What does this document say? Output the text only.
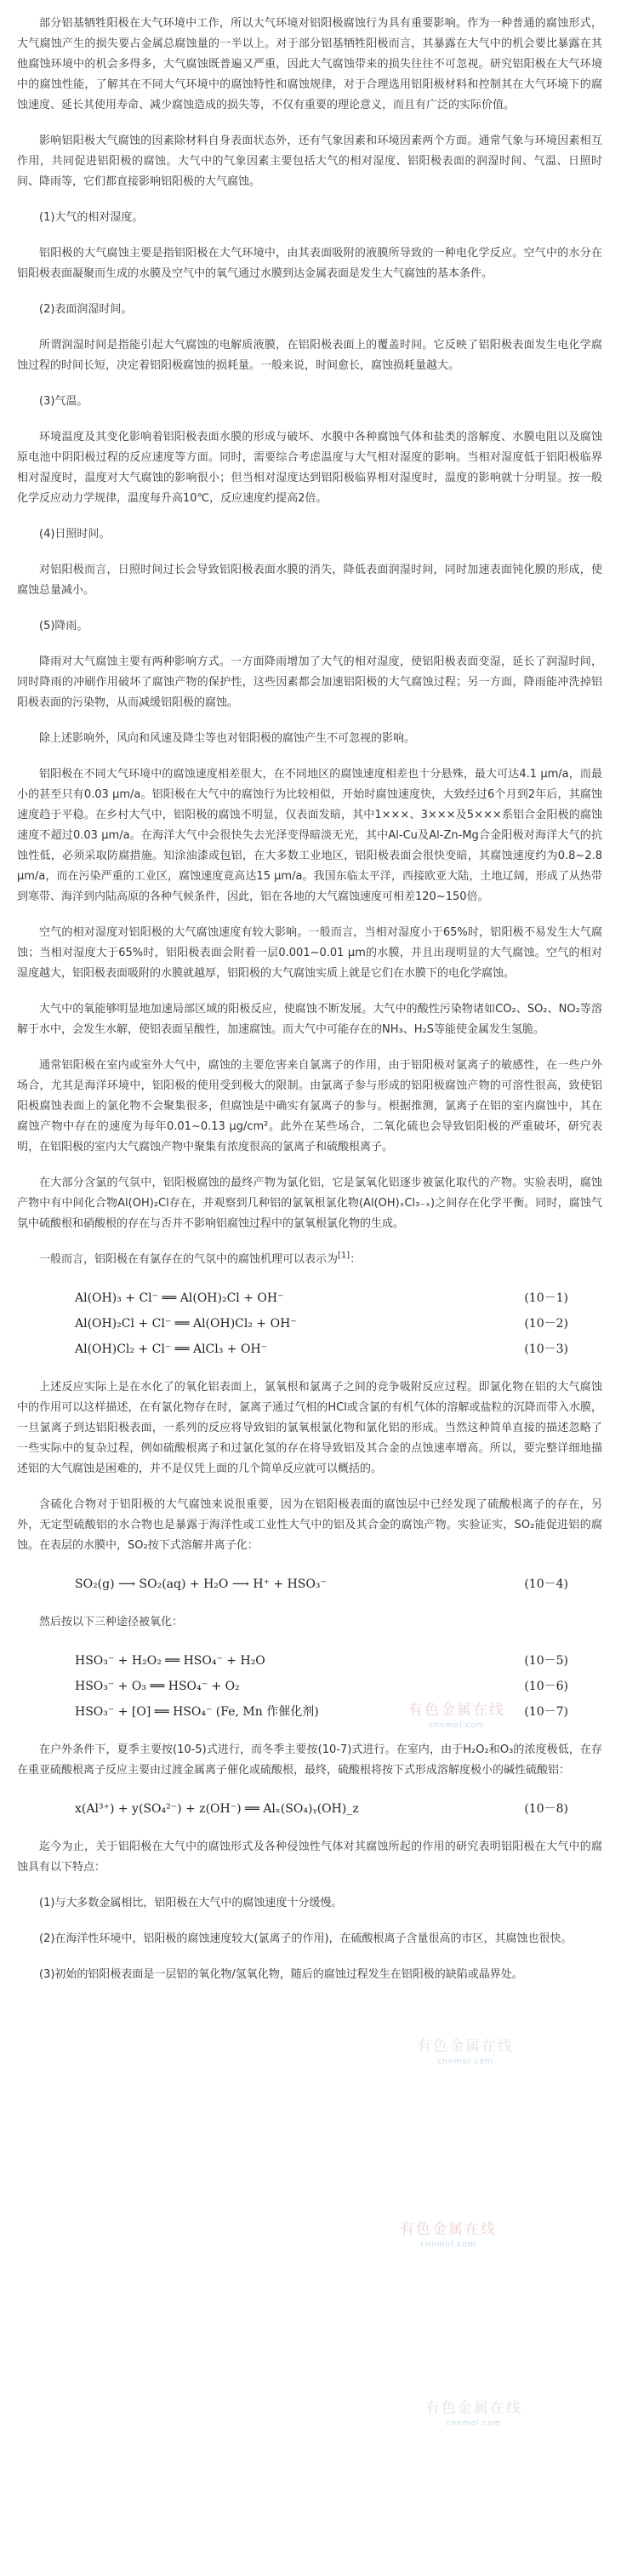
部分铝基牺牲阳极在大气环境中工作，所以大气环境对铝阳极腐蚀行为具有重要影响。作为一种普通的腐蚀形式，大气腐蚀产生的损失要占金属总腐蚀量的一半以上。对于部分铝基牺牲阳极而言，其暴露在大气中的机会要比暴露在其他腐蚀环境中的机会多得多，大气腐蚀既普遍又严重，因此大气腐蚀带来的损失往往不可忽视。研究铝阳极在大气环境中的腐蚀性能，了解其在不同大气环境中的腐蚀特性和腐蚀规律，对于合理选用铝阳极材料和控制其在大气环境下的腐蚀速度、延长其使用寿命、减少腐蚀造成的损失等，不仅有重要的理论意义，而且有广泛的实际价值。

影响铝阳极大气腐蚀的因素除材料自身表面状态外，还有气象因素和环境因素两个方面。通常气象与环境因素相互作用，共同促进铝阳极的腐蚀。大气中的气象因素主要包括大气的相对湿度、铝阳极表面的润湿时间、气温、日照时间、降雨等，它们都直接影响铝阳极的大气腐蚀。

(1)大气的相对湿度。

铝阳极的大气腐蚀主要是指铝阳极在大气环境中，由其表面吸附的液膜所导致的一种电化学反应。空气中的水分在铝阳极表面凝聚而生成的水膜及空气中的氧气通过水膜到达金属表面是发生大气腐蚀的基本条件。

(2)表面润湿时间。

所谓润湿时间是指能引起大气腐蚀的电解质液膜，在铝阳极表面上的覆盖时间。它反映了铝阳极表面发生电化学腐蚀过程的时间长短，决定着铝阳极腐蚀的损耗量。一般来说，时间愈长，腐蚀损耗量越大。

(3)气温。

环境温度及其变化影响着铝阳极表面水膜的形成与破坏、水膜中各种腐蚀气体和盐类的溶解度、水膜电阻以及腐蚀原电池中阴阳极过程的反应速度等方面。同时，需要综合考虑温度与大气相对湿度的影响。当相对湿度低于铝阳极临界相对湿度时，温度对大气腐蚀的影响很小；但当相对湿度达到铝阳极临界相对湿度时，温度的影响就十分明显。按一般化学反应动力学规律，温度每升高10℃，反应速度约提高2倍。

(4)日照时间。

对铝阳极而言，日照时间过长会导致铝阳极表面水膜的消失，降低表面润湿时间，同时加速表面钝化膜的形成，使腐蚀总量减小。

(5)降雨。

降雨对大气腐蚀主要有两种影响方式。一方面降雨增加了大气的相对湿度，使铝阳极表面变湿，延长了润湿时间，同时降雨的冲刷作用破坏了腐蚀产物的保护性，这些因素都会加速铝阳极的大气腐蚀过程；另一方面，降雨能冲洗掉铝阳极表面的污染物，从而减缓铝阳极的腐蚀。

除上述影响外，风向和风速及降尘等也对铝阳极的腐蚀产生不可忽视的影响。

铝阳极在不同大气环境中的腐蚀速度相差很大，在不同地区的腐蚀速度相差也十分悬殊，最大可达4.1 μm/a，而最小的甚至只有0.03 μm/a。铝阳极在大气中的腐蚀行为比较相似，开始时腐蚀速度快，大致经过6个月到2年后，其腐蚀速度趋于平稳。在乡村大气中，铝阳极的腐蚀不明显，仅表面发暗，其中1×××、3×××及5×××系铝合金阳极的腐蚀速度不超过0.03 μm/a。在海洋大气中会很快失去光泽变得暗淡无光，其中Al-Cu及Al-Zn-Mg合金阳极对海洋大气的抗蚀性低，必须采取防腐措施。知涂油漆或包铝，在大多数工业地区，铝阳极表面会很快变暗，其腐蚀速度约为0.8~2.8 μm/a，而在污染严重的工业区，腐蚀速度竟高达15 μm/a。我国东临太平洋，西接欧亚大陆，土地辽阔，形成了从热带到寒带、海洋到内陆高原的各种气候条件，因此，铝在各地的大气腐蚀速度可相差120~150倍。

空气的相对湿度对铝阳极的大气腐蚀速度有较大影响。一般而言，当相对湿度小于65%时，铝阳极不易发生大气腐蚀；当相对湿度大于65%时，铝阳极表面会附着一层0.001~0.01 μm的水膜，并且出现明显的大气腐蚀。空气的相对湿度越大，铝阳极表面吸附的水膜就越厚，铝阳极的大气腐蚀实质上就是它们在水膜下的电化学腐蚀。

大气中的氧能够明显地加速局部区域的阳极反应，使腐蚀不断发展。大气中的酸性污染物诸如CO₂、SO₂、NO₂等溶解于水中，会发生水解，使铝表面呈酸性，加速腐蚀。而大气中可能存在的NH₃、H₂S等能使金属发生氢脆。

通常铝阳极在室内或室外大气中，腐蚀的主要危害来自氯离子的作用，由于铝阳极对氯离子的敏感性，在一些户外场合，尤其是海洋环境中，铝阳极的使用受到极大的限制。由氯离子参与形成的铝阳极腐蚀产物的可溶性很高，致使铝阳极腐蚀表面上的氯化物不会聚集很多，但腐蚀是中确实有氯离子的参与。根据推测，氯离子在铝的室内腐蚀中，其在腐蚀产物中存在的速度为每年0.01~0.13 μg/cm²。此外在某些场合，二氧化硫也会导致铝阳极的严重破坏，研究表明，在铝阳极的室内大气腐蚀产物中聚集有浓度很高的氯离子和硫酸根离子。

在大部分含氯的气氛中，铝阳极腐蚀的最终产物为氯化铝，它是氯氧化铝逐步被氯化取代的产物。实验表明，腐蚀产物中有中间化合物Al(OH)₂Cl存在，并观察到几种铝的氯氧根氯化物(Al(OH)ₓCl₃₋ₓ)之间存在化学平衡。同时，腐蚀气氛中硫酸根和硝酸根的存在与否并不影响铝腐蚀过程中的氯氧根氯化物的生成。

一般而言，铝阳极在有氯存在的气氛中的腐蚀机理可以表示为[1]：

Al(OH)₃ + Cl⁻ ══ Al(OH)₂Cl + OH⁻	(10－1)
Al(OH)₂Cl + Cl⁻ ══ Al(OH)Cl₂ + OH⁻	(10－2)
Al(OH)Cl₂ + Cl⁻ ══ AlCl₃ + OH⁻	(10－3)

上述反应实际上是在水化了的氧化铝表面上，氯氧根和氯离子之间的竞争吸附反应过程。即氯化物在铝的大气腐蚀中的作用可以这样描述，在有氯化物存在时，氯离子通过气相的HCl或含氯的有机气体的溶解或盐粒的沉降而带入水膜，一旦氯离子到达铝阳极表面，一系列的反应将导致铝的氯氧根氯化物和氯化铝的形成。当然这种简单直接的描述忽略了一些实际中的复杂过程，例如硫酸根离子和过氯化氢的存在将导致铝及其合金的点蚀速率增高。所以，要完整详细地描述铝的大气腐蚀是困难的，并不是仅凭上面的几个简单反应就可以概括的。

含硫化合物对于铝阳极的大气腐蚀来说很重要，因为在铝阳极表面的腐蚀层中已经发现了硫酸根离子的存在，另外，无定型硫酸铝的水合物也是暴露于海洋性或工业性大气中的铝及其合金的腐蚀产物。实验证实，SO₂能促进铝的腐蚀。在表层的水膜中，SO₂按下式溶解并离子化：

SO₂(g) ⟶ SO₂(aq) + H₂O ⟶ H⁺ + HSO₃⁻	(10－4)

然后按以下三种途径被氧化：

HSO₃⁻ + H₂O₂ ══ HSO₄⁻ + H₂O	(10－5)
HSO₃⁻ + O₃ ══ HSO₄⁻ + O₂	(10－6)
HSO₃⁻ + [O] ══ HSO₄⁻ (Fe, Mn 作催化剂)	(10－7)

在户外条件下，夏季主要按(10-5)式进行，而冬季主要按(10-7)式进行。在室内，由于H₂O₂和O₃的浓度极低，在存在重亚硫酸根离子反应主要由过渡金属离子催化或硫酸根，最终，硫酸根将按下式形成溶解度极小的碱性硫酸铝：

x(Al³⁺) + y(SO₄²⁻) + z(OH⁻) ══ Alₓ(SO₄)ᵧ(OH)_z	(10－8)

迄今为止，关于铝阳极在大气中的腐蚀形式及各种侵蚀性气体对其腐蚀所起的作用的研究表明铝阳极在大气中的腐蚀具有以下特点：

(1)与大多数金属相比，铝阳极在大气中的腐蚀速度十分缓慢。

(2)在海洋性环境中，铝阳极的腐蚀速度较大(氯离子的作用)，在硫酸根离子含量很高的市区，其腐蚀也很快。

(3)初始的铝阳极表面是一层铝的氧化物/氢氧化物，随后的腐蚀过程发生在铝阳极的缺陷或晶界处。

有色金属在线
cnnmol.com
有色金属在线
cnnmol.com
有色金属在线
cnnmol.com
有色金属在线
cnnmol.com
